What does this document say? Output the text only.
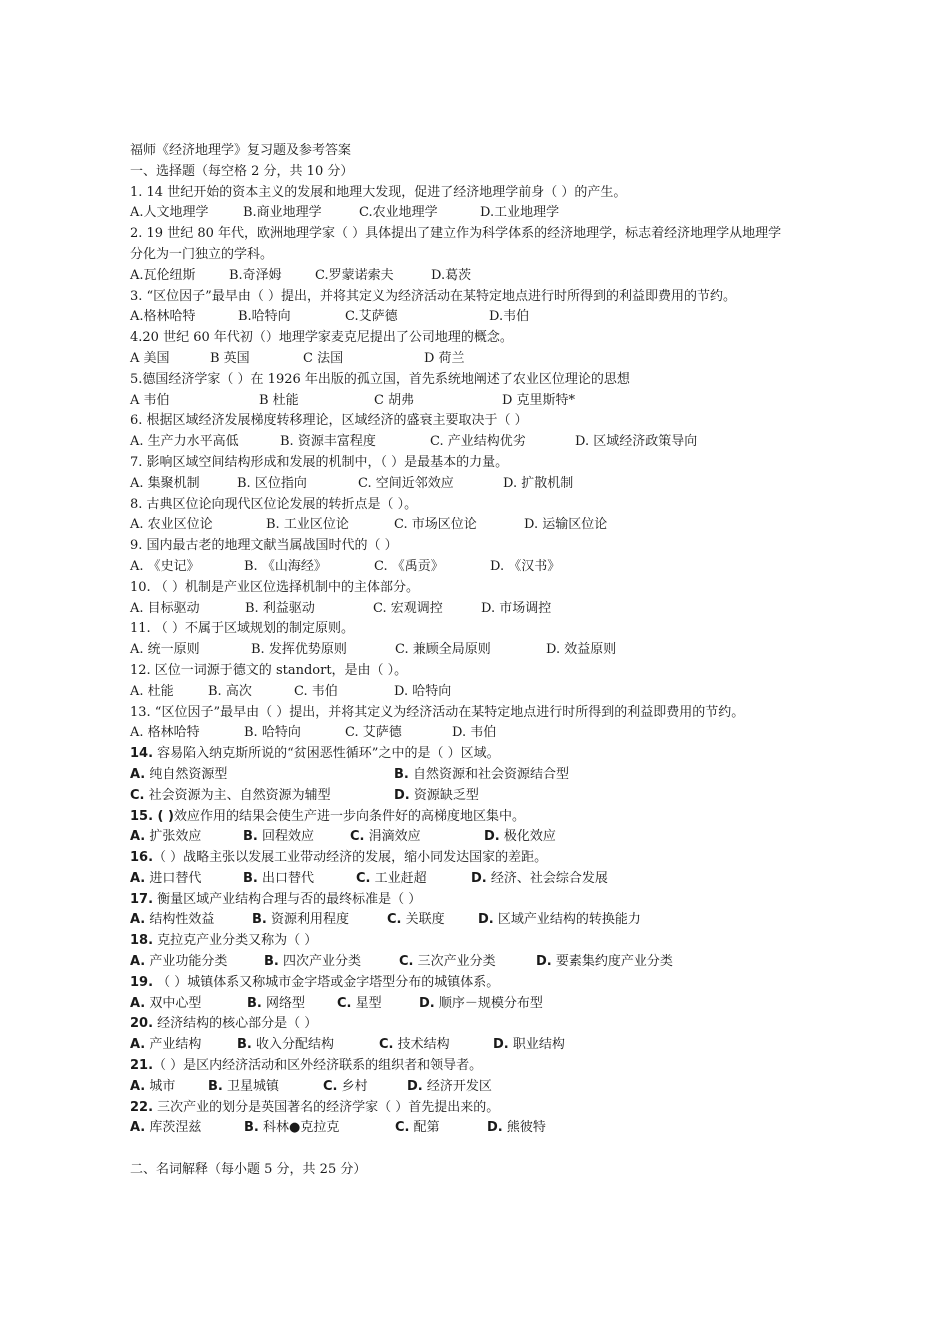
福师《经济地理学》复习题及参考答案
一、选择题（每空格 2 分，共 10 分）
1. 14 世纪开始的资本主义的发展和地理大发现，促进了经济地理学前身（ ）的产生。
A.人文地理学	B.商业地理学	C.农业地理学	D.工业地理学
2. 19 世纪 80 年代，欧洲地理学家（ ）具体提出了建立作为科学体系的经济地理学，标志着经济地理学从地理学分化为一门独立的学科。
A.瓦伦纽斯	B.奇泽姆	C.罗蒙诺索夫	D.葛茨
3. “区位因子”最早由（ ）提出，并将其定义为经济活动在某特定地点进行时所得到的利益即费用的节约。
A.格林哈特	B.哈特向	C.艾萨德	D.韦伯
4.20 世纪 60 年代初（）地理学家麦克尼提出了公司地理的概念。
A 美国	B 英国	C 法国	D 荷兰
5.德国经济学家（ ）在 1926 年出版的孤立国，首先系统地阐述了农业区位理论的思想
A 韦伯	B 杜能	C 胡弗	D 克里斯特*
6. 根据区域经济发展梯度转移理论，区域经济的盛衰主要取决于（ ）
A. 生产力水平高低	B. 资源丰富程度	C. 产业结构优劣	D. 区域经济政策导向
7. 影响区域空间结构形成和发展的机制中，（ ）是最基本的力量。
A. 集聚机制	B. 区位指向	C. 空间近邻效应	D. 扩散机制
8. 古典区位论向现代区位论发展的转折点是（ ）。
A. 农业区位论	B. 工业区位论	C. 市场区位论	D. 运输区位论
9. 国内最古老的地理文献当属战国时代的（ ）
A. 《史记》	B. 《山海经》	C. 《禹贡》	D. 《汉书》
10. （ ）机制是产业区位选择机制中的主体部分。
A. 目标驱动	B. 利益驱动	C. 宏观调控	D. 市场调控
11. （ ）不属于区域规划的制定原则。
A. 统一原则	B. 发挥优势原则	C. 兼顾全局原则	D. 效益原则
12. 区位一词源于德文的 standort，是由（ ）。
A. 杜能	B. 高次	C. 韦伯	D. 哈特向
13. “区位因子”最早由（ ）提出，并将其定义为经济活动在某特定地点进行时所得到的利益即费用的节约。
A. 格林哈特	B. 哈特向	C. 艾萨德	D. 韦伯
14. 容易陷入纳克斯所说的“贫困恶性循环”之中的是（ ）区域。
A. 纯自然资源型	B. 自然资源和社会资源结合型
C. 社会资源为主、自然资源为辅型	D. 资源缺乏型
15. ( )效应作用的结果会使生产进一步向条件好的高梯度地区集中。
A. 扩张效应	B. 回程效应	C. 涓滴效应	D. 极化效应
16.（ ）战略主张以发展工业带动经济的发展，缩小同发达国家的差距。
A. 进口替代	B. 出口替代	C. 工业赶超	D. 经济、社会综合发展
17. 衡量区域产业结构合理与否的最终标准是（ ）
A. 结构性效益	B. 资源利用程度	C. 关联度	D. 区域产业结构的转换能力
18. 克拉克产业分类又称为（ ）
A. 产业功能分类	B. 四次产业分类	C. 三次产业分类	D. 要素集约度产业分类
19. （ ）城镇体系又称城市金字塔或金字塔型分布的城镇体系。
A. 双中心型	B. 网络型	C. 星型	D. 顺序－规模分布型
20. 经济结构的核心部分是（ ）
A. 产业结构	B. 收入分配结构	C. 技术结构	D. 职业结构
21.（ ）是区内经济活动和区外经济联系的组织者和领导者。
A. 城市	B. 卫星城镇	C. 乡村	D. 经济开发区
22. 三次产业的划分是英国著名的经济学家（ ）首先提出来的。
A. 库茨涅兹	B. 科林●克拉克	C. 配第	D. 熊彼特
二、名词解释（每小题 5 分，共 25 分）
